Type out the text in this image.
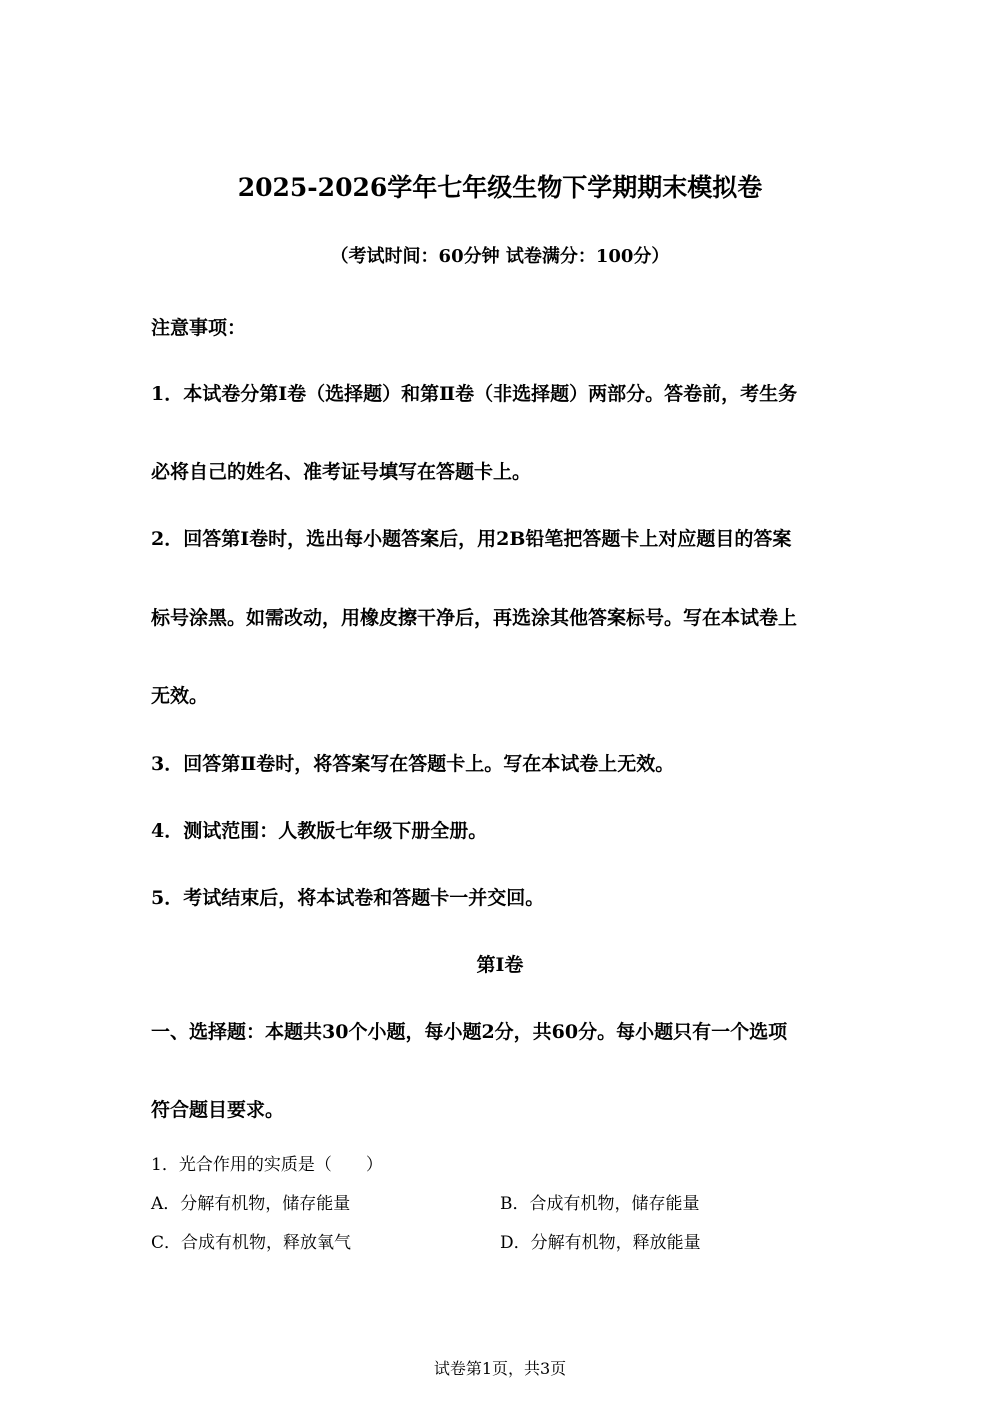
2025-2026学年七年级生物下学期期末模拟卷
（考试时间：60分钟 试卷满分：100分）
注意事项：
1．本试卷分第Ⅰ卷（选择题）和第Ⅱ卷（非选择题）两部分。答卷前，考生务
必将自己的姓名、准考证号填写在答题卡上。
2．回答第Ⅰ卷时，选出每小题答案后，用2B铅笔把答题卡上对应题目的答案
标号涂黑。如需改动，用橡皮擦干净后，再选涂其他答案标号。写在本试卷上
无效。
3．回答第Ⅱ卷时，将答案写在答题卡上。写在本试卷上无效。
4．测试范围：人教版七年级下册全册。
5．考试结束后，将本试卷和答题卡一并交回。
第Ⅰ卷
一、选择题：本题共30个小题，每小题2分，共60分。每小题只有一个选项
符合题目要求。
1．光合作用的实质是（　　）
A．分解有机物，储存能量	B．合成有机物，储存能量
C．合成有机物，释放氧气	D．分解有机物，释放能量
试卷第1页，共3页
